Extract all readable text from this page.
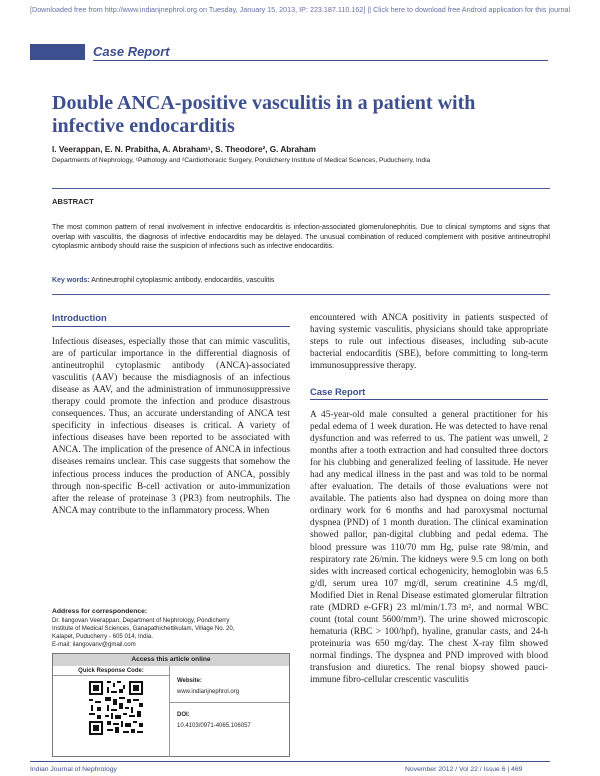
[Downloaded free from http://www.indianjnephrol.org on Tuesday, January 15, 2013, IP: 223.187.110.162] || Click here to download free Android application for this journal
Case Report
Double ANCA-positive vasculitis in a patient with infective endocarditis
I. Veerappan, E. N. Prabitha, A. Abraham¹, S. Theodore², G. Abraham
Departments of Nephrology, ¹Pathology and ²Cardiothoracic Surgery, Pondicherry Institute of Medical Sciences, Puducherry, India
ABSTRACT
The most common pattern of renal involvement in infective endocarditis is infection-associated glomerulonephritis. Due to clinical symptoms and signs that overlap with vasculitis, the diagnosis of infective endocarditis may be delayed. The unusual combination of reduced complement with positive antineutrophil cytoplasmic antibody should raise the suspicion of infections such as infective endocarditis.
Key words: Antineutrophil cytoplasmic antibody, endocarditis, vasculitis
Introduction
Infectious diseases, especially those that can mimic vasculitis, are of particular importance in the differential diagnosis of antineutrophil cytoplasmic antibody (ANCA)-associated vasculitis (AAV) because the misdiagnosis of an infectious disease as AAV, and the administration of immunosuppressive therapy could promote the infection and produce disastrous consequences. Thus, an accurate understanding of ANCA test specificity in infectious diseases is critical. A variety of infectious diseases have been reported to be associated with ANCA. The implication of the presence of ANCA in infectious diseases remains unclear. This case suggests that somehow the infectious process induces the production of ANCA, possibly through non-specific B-cell activation or auto-immunization after the release of proteinase 3 (PR3) from neutrophils. The ANCA may contribute to the inflammatory process. When
Address for correspondence:
Dr. Ilangovan Veerappan, Department of Nephrology, Pondicherry
Institute of Medical Sciences, Ganapathichettikulam, Village No. 20,
Kalapet, Puducherry - 605 014, India.
E-mail: ilangovanv@gmail.com
Access this article online
Quick Response Code:
Website:
www.indianjnephrol.org
DOI:
10.4103/0971-4065.106057
encountered with ANCA positivity in patients suspected of having systemic vasculitis, physicians should take appropriate steps to rule out infectious diseases, including sub-acute bacterial endocarditis (SBE), before committing to long-term immunosuppressive therapy.
Case Report
A 45-year-old male consulted a general practitioner for his pedal edema of 1 week duration. He was detected to have renal dysfunction and was referred to us. The patient was unwell, 2 months after a tooth extraction and had consulted three doctors for his clubbing and generalized feeling of lassitude. He never had any medical illness in the past and was told to be normal after evaluation. The details of those evaluations were not available. The patients also had dyspnea on doing more than ordinary work for 6 months and had paroxysmal nocturnal dyspnea (PND) of 1 month duration. The clinical examination showed pallor, pan-digital clubbing and pedal edema. The blood pressure was 110/70 mm Hg, pulse rate 98/min, and respiratory rate 26/min. The kidneys were 9.5 cm long on both sides with increased cortical echogenicity, hemoglobin was 6.5 g/dl, serum urea 107 mg/dl, serum creatinine 4.5 mg/dl, Modified Diet in Renal Disease estimated glomerular filtration rate (MDRD e-GFR) 23 ml/min/1.73 m², and normal WBC count (total count 5600/mm³). The urine showed microscopic hematuria (RBC > 100/hpf), hyaline, granular casts, and 24-h proteinuria was 650 mg/day. The chest X-ray film showed normal findings. The dyspnea and PND improved with blood transfusion and diuretics. The renal biopsy showed pauci-immune fibro-cellular crescentic vasculitis
Indian Journal of Nephrology	November 2012 / Vol 22 / Issue 6 | 469
